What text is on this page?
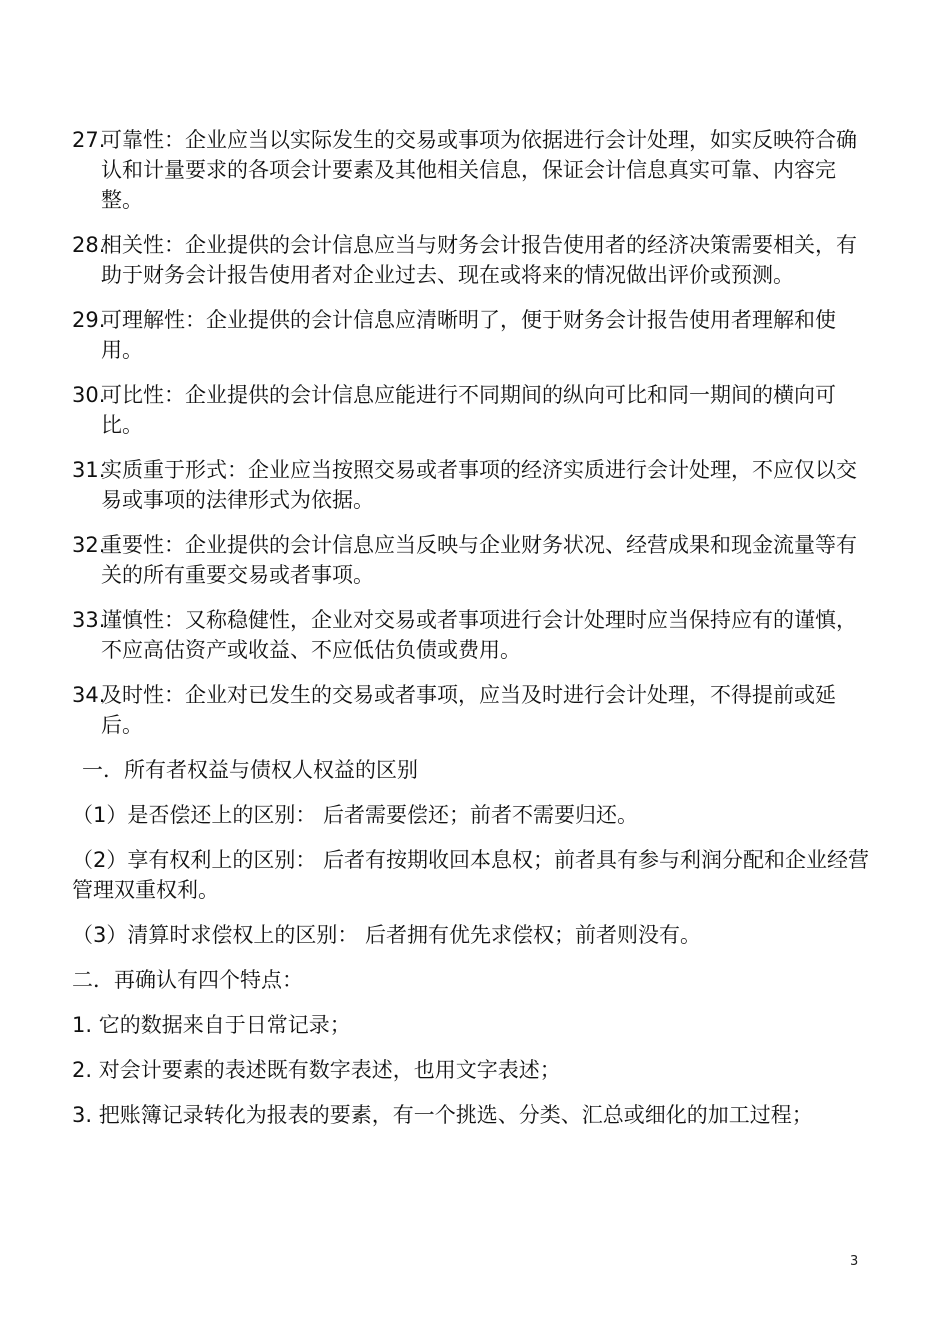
27.
可靠性：企业应当以实际发生的交易或事项为依据进行会计处理，如实反映符合确认和计量要求的各项会计要素及其他相关信息，保证会计信息真实可靠、内容完整。
28.
相关性：企业提供的会计信息应当与财务会计报告使用者的经济决策需要相关，有助于财务会计报告使用者对企业过去、现在或将来的情况做出评价或预测。
29.
可理解性：企业提供的会计信息应清晰明了，便于财务会计报告使用者理解和使用。
30.
可比性：企业提供的会计信息应能进行不同期间的纵向可比和同一期间的横向可比。
31.
实质重于形式：企业应当按照交易或者事项的经济实质进行会计处理，不应仅以交易或事项的法律形式为依据。
32.
重要性：企业提供的会计信息应当反映与企业财务状况、经营成果和现金流量等有关的所有重要交易或者事项。
33.
谨慎性：又称稳健性，企业对交易或者事项进行会计处理时应当保持应有的谨慎，不应高估资产或收益、不应低估负债或费用。
34.
及时性：企业对已发生的交易或者事项，应当及时进行会计处理，不得提前或延后。
一．所有者权益与债权人权益的区别
（1）是否偿还上的区别： 后者需要偿还；前者不需要归还。
（2）享有权利上的区别： 后者有按期收回本息权；前者具有参与利润分配和企业经营管理双重权利。
（3）清算时求偿权上的区别： 后者拥有优先求偿权；前者则没有。
二．再确认有四个特点：
1. 它的数据来自于日常记录；
2. 对会计要素的表述既有数字表述，也用文字表述；
3. 把账簿记录转化为报表的要素，有一个挑选、分类、汇总或细化的加工过程；
3
